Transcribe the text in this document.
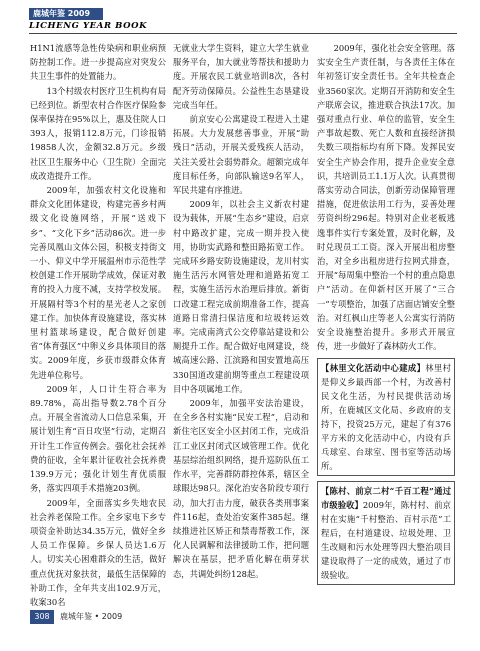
鹿城年鉴 2009
LICHENG YEAR BOOK

H1N1流感等急性传染病和职业病预防控制工作。进一步提高应对突发公共卫生事件的处置能力。

13个村级农村医疗卫生机构有局已经到位。新型农村合作医疗保险参保率保持在95%以上，惠及住院人口393人，报销112.8万元，门诊报销19858人次，金额32.8万元。乡级社区卫生服务中心（卫生院）全面完成改造提升工作。

2009年，加强农村文化设施和群众文化团体建设，构建完善乡村两级文化设施网络，开展“送戏下乡”、“文化下乡”活动86次。进一步完善凤凰山文体公园，积极支持街文一小、仰义中学开展温州市示范性学校创建工作开展助学成效，保证对教育的投入力度不减，支持学校发展。开展隔村等3个村的星光老人之家创建工作。加快体育设施建设，落实林里村篮球场建设，配合做好创建省“体育强区”中卵义乡具体项目的落实。2009年度，乡获市级群众体育先进单位称号。

2009年，人口计生符合率为89.78%，高出指导数2.78个百分点。开展全省流动人口信息采集，开展计划生育“百日攻坚”行动，定期召开计生工作宣传例会。强化社会抚养费的征收，全年累计征收社会抚养费139.9万元；强化计划生育优质服务，落实四项手术措施203例。

2009年，全面落实乡失地农民社会养老保险工作。全乡家电下乡专项资金补助达34.35万元，做好全乡人员工作保障。乡保人员达1.6万人。切实关心困难群众的生活，做好重点优抚对象扶贫，最低生活保障的补助工作，全年共支出102.9万元，收案30名

无就业大学生资料，建立大学生就业服务平台，加大就业等帮扶和援助力度。开展农民工就业培训8次，各村配齐劳动保障员。公益性生态垦建设完成当年任。

前京安心公寓建设工程进入土建拓展。大力发展慈善事业，开展“助残日”活动，开展关爱残疾人活动，关注关爱社会弱势群众。超额完成年度目标任务，向部队输送9名军人，军民共建有序推进。

2009年，以社会主义新农村建设为载体，开展“生态乡”建设，启京村中路改扩建，完成一期并投入使用，协助实武路和整田路拓宽工作。完成环乡路安防设施建设，龙川村实施生活污水网管处理和道路拓宽工程，实施生活污水治理后排放。新街口改建工程完成前期准备工作，提高道路日常清扫保洁度和垃圾转运效率。完成南湾式公交停靠站建设和公厕提升工作。配合做好电网建设，绕城高速公路、江滨路和国安置地高压330国道改建前期等重点工程建设项目中各项属地工作。

2009年，加强平安法治建设，在全乡各村实施“民安工程”，启动和新住宅区安全小区封闭工作，完成沿江工业区封闭式区域管理工作。优化基层综治组织网络，提升巡防队伍工作水平，完善群防群控体系，辖区全球眼达98只。深化治安各阶段专项行动，加大打击力度，破获各类刑事案件116起，查处治安案件385起。继续推进社区矫正和禁毒帮教工作，深化人民调解和法律援助工作，把问题解决在基层，把矛盾化解在萌芽状态，共调处纠纷128起。

2009年，强化社会安全管理。落实安全生产责任制，与各责任主体在年初签订安全责任书。全年共检查企业3560家次。定期召开消防和安全生产联席会议，推进联合执法17次。加强对重点行业、单位的监管，安全生产事故起数、死亡人数和直接经济损失数三项指标均有所下降。发挥民安安全生产协会作用，提升企业安全意识，共培训员工1.1万人次。认真贯彻落实劳动合同法，创新劳动保障管理措施，促进依法用工行为，妥善处理劳资纠纷296起。特别对企业老板逃逸事件实行专案处置，及时化解，及时兑现员工工资。深入开展出租房整治，对全乡出租房进行拉网式排查，开展“每周集中整治一个村的重点隐患户”活动。在仰新村区开展了“三合一”专项整治，加强了店面店铺安全整治。对红枫山庄等老人公寓实行消防安全设施整治提升。多形式开展宣传，进一步做好了森林防火工作。

【林里文化活动中心建成】林里村是仰义乡最西部一个村，为改善村民文化生活，为村民提供活动场所，在鹿城区文化局、乡政府的支持下，投资25万元，建起了有376平方米的文化活动中心，内设有乒乓球室、台球室、图书室等活动场所。
【陈村、前京二村“千百工程”通过市级验收】2009年，陈村村、前京村在实施“千村整治、百村示范”工程后，在村道建设、垃圾处理、卫生改厕和污水处理等四大整治项目建设取得了一定的成效，通过了市级验收。
308	鹿城年鉴 • 2009
